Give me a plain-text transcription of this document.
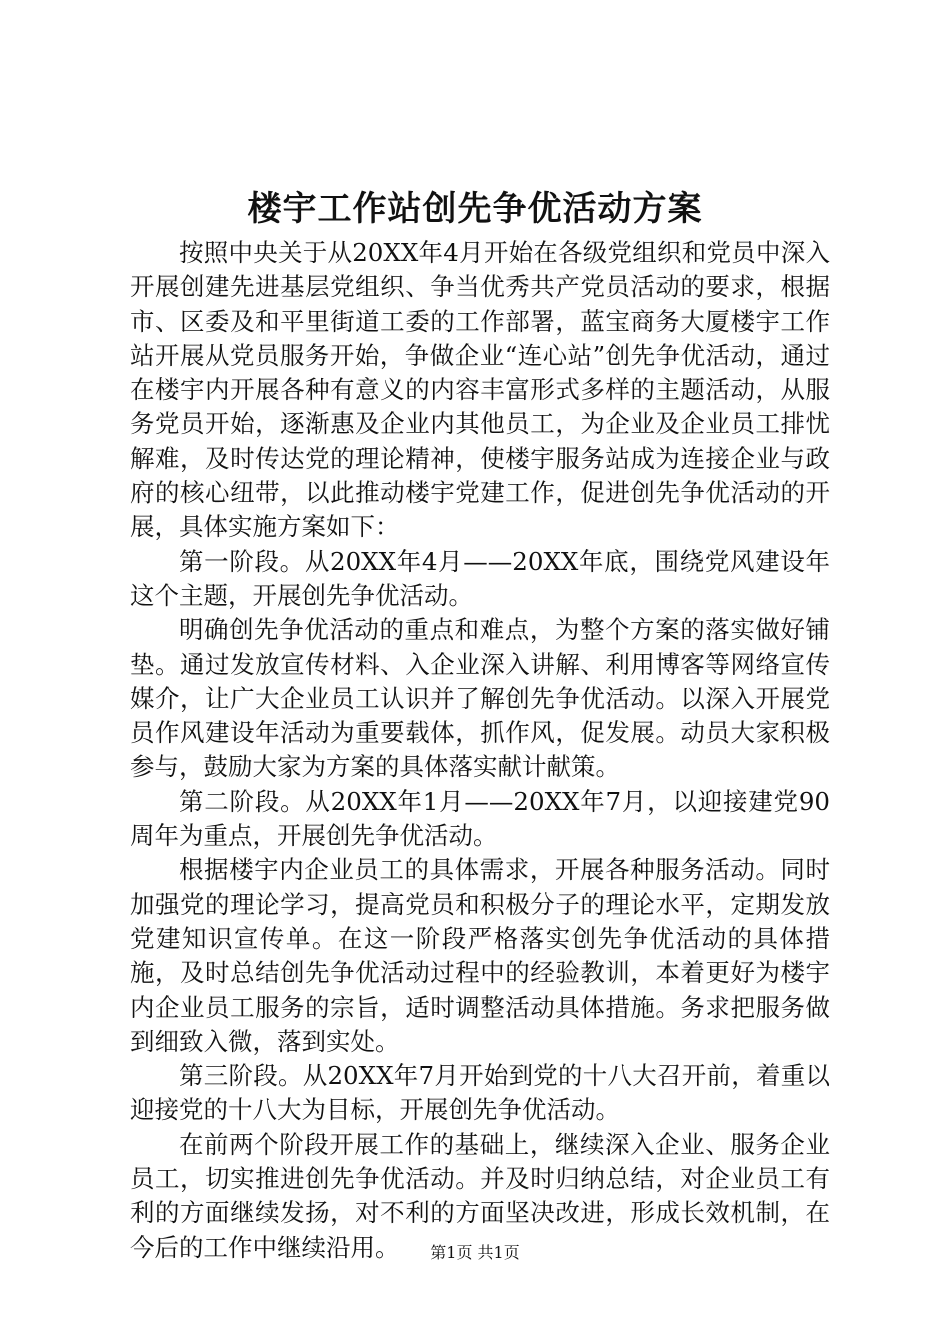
楼宇工作站创先争优活动方案

按照中央关于从20XX年4月开始在各级党组织和党员中深入开展创建先进基层党组织、争当优秀共产党员活动的要求，根据市、区委及和平里街道工委的工作部署，蓝宝商务大厦楼宇工作站开展从党员服务开始，争做企业“连心站”创先争优活动，通过在楼宇内开展各种有意义的内容丰富形式多样的主题活动，从服务党员开始，逐渐惠及企业内其他员工，为企业及企业员工排忧解难，及时传达党的理论精神，使楼宇服务站成为连接企业与政府的核心纽带，以此推动楼宇党建工作，促进创先争优活动的开展，具体实施方案如下：

第一阶段。从20XX年4月——20XX年底，围绕党风建设年这个主题，开展创先争优活动。

明确创先争优活动的重点和难点，为整个方案的落实做好铺垫。通过发放宣传材料、入企业深入讲解、利用博客等网络宣传媒介，让广大企业员工认识并了解创先争优活动。以深入开展党员作风建设年活动为重要载体，抓作风，促发展。动员大家积极参与，鼓励大家为方案的具体落实献计献策。

第二阶段。从20XX年1月——20XX年7月，以迎接建党90周年为重点，开展创先争优活动。

根据楼宇内企业员工的具体需求，开展各种服务活动。同时加强党的理论学习，提高党员和积极分子的理论水平，定期发放党建知识宣传单。在这一阶段严格落实创先争优活动的具体措施，及时总结创先争优活动过程中的经验教训，本着更好为楼宇内企业员工服务的宗旨，适时调整活动具体措施。务求把服务做到细致入微，落到实处。

第三阶段。从20XX年7月开始到党的十八大召开前，着重以迎接党的十八大为目标，开展创先争优活动。

在前两个阶段开展工作的基础上，继续深入企业、服务企业员工，切实推进创先争优活动。并及时归纳总结，对企业员工有利的方面继续发扬，对不利的方面坚决改进，形成长效机制，在今后的工作中继续沿用。	第1页 共1页
